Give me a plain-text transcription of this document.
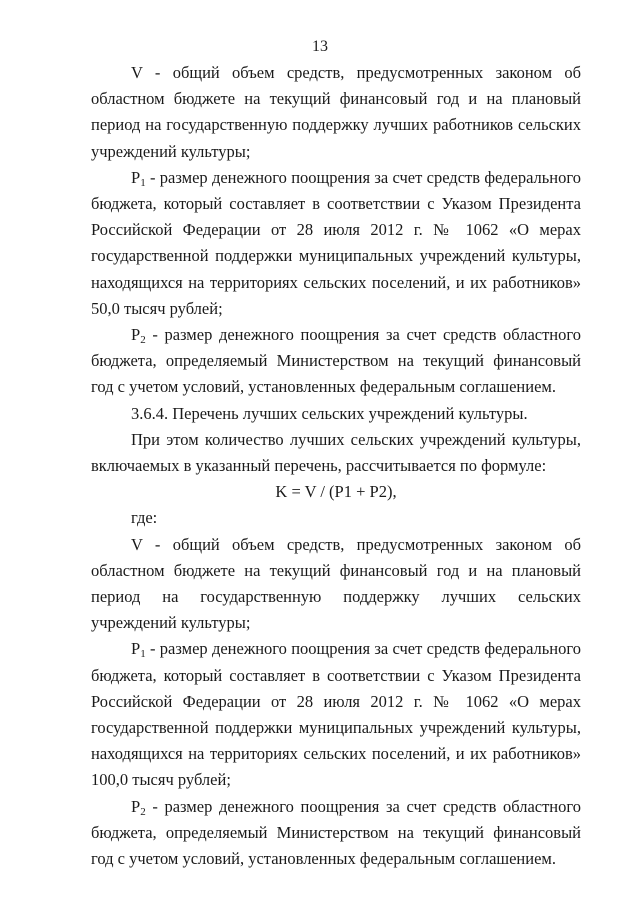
13

V - общий объем средств, предусмотренных законом об областном бюджете на текущий финансовый год и на плановый период на государственную поддержку лучших работников сельских учреждений культуры;

$P_1$ - размер денежного поощрения за счет средств федерального бюджета, который составляет в соответствии с Указом Президента Российской Федерации от 28 июля 2012 г. № 1062 «О мерах государственной поддержки муниципальных учреждений культуры, находящихся на территориях сельских поселений, и их работников» 50,0 тысяч рублей;

$P_2$ - размер денежного поощрения за счет средств областного бюджета, определяемый Министерством на текущий финансовый год с учетом условий, установленных федеральным соглашением.

3.6.4. Перечень лучших сельских учреждений культуры.

При этом количество лучших сельских учреждений культуры, включаемых в указанный перечень, рассчитывается по формуле:

K = V / (P1 + P2),

где:

V - общий объем средств, предусмотренных законом об областном бюджете на текущий финансовый год и на плановый период на государственную поддержку лучших сельских учреждений культуры;

$P_1$ - размер денежного поощрения за счет средств федерального бюджета, который составляет в соответствии с Указом Президента Российской Федерации от 28 июля 2012 г. № 1062 «О мерах государственной поддержки муниципальных учреждений культуры, находящихся на территориях сельских поселений, и их работников» 100,0 тысяч рублей;

$P_2$ - размер денежного поощрения за счет средств областного бюджета, определяемый Министерством на текущий финансовый год с учетом условий, установленных федеральным соглашением.
